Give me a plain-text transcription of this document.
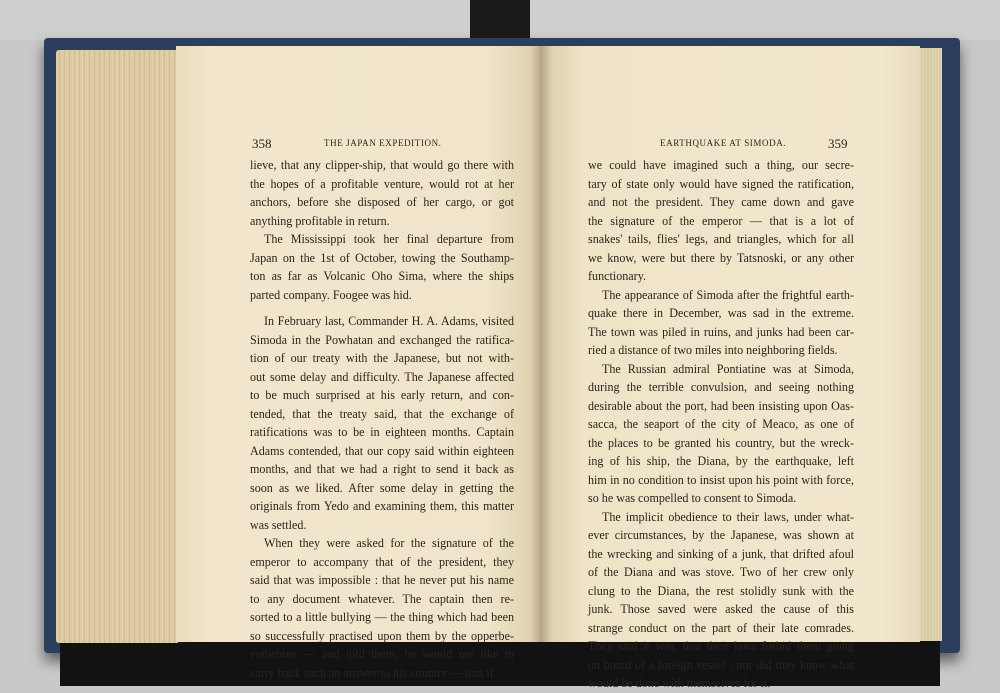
358	THE JAPAN EXPEDITION.
lieve, that any clipper-ship, that would go there with
the hopes of a profitable venture, would rot at her
anchors, before she disposed of her cargo, or got
anything profitable in return.
The Mississippi took her final departure from
Japan on the 1st of October, towing the Southamp-
ton as far as Volcanic Oho Sima, where the ships
parted company. Foogee was hid.
In February last, Commander H. A. Adams, visited
Simoda in the Powhatan and exchanged the ratifica-
tion of our treaty with the Japanese, but not with-
out some delay and difficulty. The Japanese affected
to be much surprised at his early return, and con-
tended, that the treaty said, that the exchange of
ratifications was to be in eighteen months. Captain
Adams contended, that our copy said within eighteen
months, and that we had a right to send it back as
soon as we liked. After some delay in getting the
originals from Yedo and examining them, this matter
was settled.
When they were asked for the signature of the
emperor to accompany that of the president, they
said that was impossible : that he never put his name
to any document whatever. The captain then re-
sorted to a little bullying — the thing which had been
so successfully practised upon them by the opperbe-
velhebber — and told them, he would not like to
carry back such an answer to his country — that if
EARTHQUAKE AT SIMODA.	359
we could have imagined such a thing, our secre-
tary of state only would have signed the ratification,
and not the president. They came down and gave
the signature of the emperor — that is a lot of
snakes' tails, flies' legs, and triangles, which for all
we know, were but there by Tatsnoski, or any other
functionary.
The appearance of Simoda after the frightful earth-
quake there in December, was sad in the extreme.
The town was piled in ruins, and junks had been car-
ried a distance of two miles into neighboring fields.
The Russian admiral Pontiatine was at Simoda,
during the terrible convulsion, and seeing nothing
desirable about the port, had been insisting upon Oas-
sacca, the seaport of the city of Meaco, as one of
the places to be granted his country, but the wreck-
ing of his ship, the Diana, by the earthquake, left
him in no condition to insist upon his point with force,
so he was compelled to consent to Simoda.
The implicit obedience to their laws, under what-
ever circumstances, by the Japanese, was shown at
the wrecking and sinking of a junk, that drifted afoul
of the Diana and was stove. Two of her crew only
clung to the Diana, the rest stolidly sunk with the
junk. Those saved were asked the cause of this
strange conduct on the part of their late comrades.
They said it was, that their laws forbid them going
on board of a foreign vessel ; nor did they know what
would be done with themselves for it.
